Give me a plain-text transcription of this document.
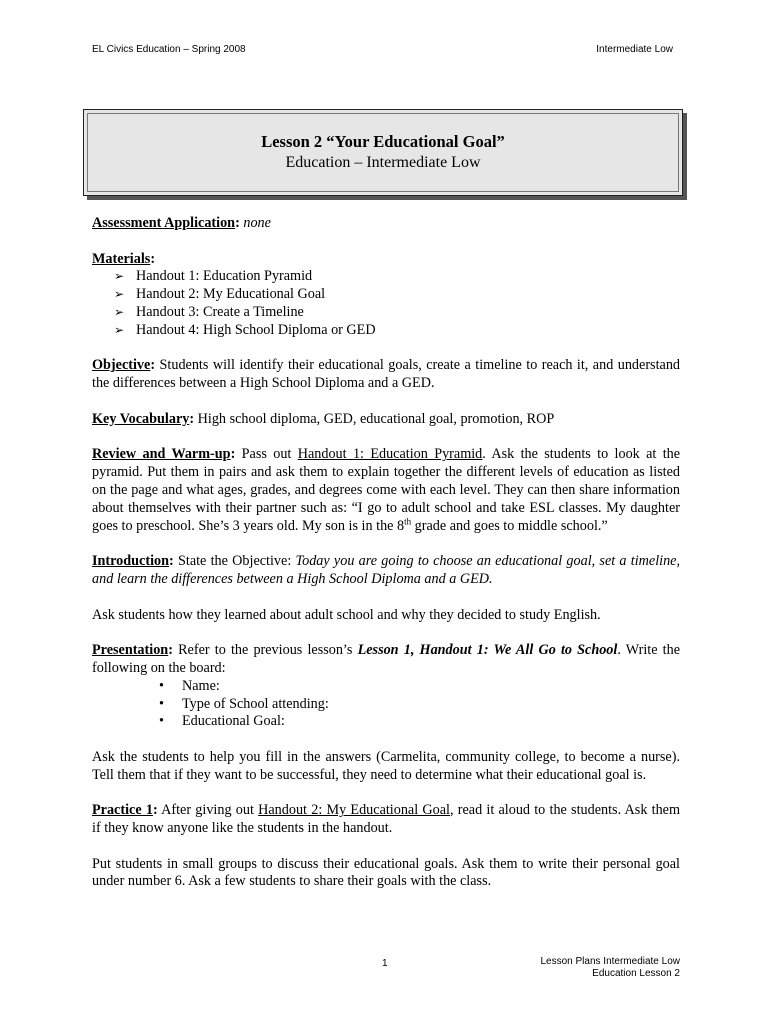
EL Civics Education – Spring 2008	Intermediate Low
Lesson 2 “Your Educational Goal”
Education – Intermediate Low

Assessment Application: none

Materials:
➢ Handout 1: Education Pyramid
➢ Handout 2: My Educational Goal
➢ Handout 3: Create a Timeline
➢ Handout 4: High School Diploma or GED

Objective: Students will identify their educational goals, create a timeline to reach it, and understand the differences between a High School Diploma and a GED.

Key Vocabulary: High school diploma, GED, educational goal, promotion, ROP

Review and Warm-up: Pass out Handout 1: Education Pyramid. Ask the students to look at the pyramid. Put them in pairs and ask them to explain together the different levels of education as listed on the page and what ages, grades, and degrees come with each level. They can then share information about themselves with their partner such as: “I go to adult school and take ESL classes. My daughter goes to preschool. She’s 3 years old. My son is in the 8th grade and goes to middle school.”

Introduction: State the Objective: Today you are going to choose an educational goal, set a timeline, and learn the differences between a High School Diploma and a GED.

Ask students how they learned about adult school and why they decided to study English.

Presentation: Refer to the previous lesson’s Lesson 1, Handout 1: We All Go to School. Write the following on the board:

• Name:
• Type of School attending:
• Educational Goal:

Ask the students to help you fill in the answers (Carmelita, community college, to become a nurse). Tell them that if they want to be successful, they need to determine what their educational goal is.

Practice 1: After giving out Handout 2: My Educational Goal, read it aloud to the students. Ask them if they know anyone like the students in the handout.

Put students in small groups to discuss their educational goals. Ask them to write their personal goal under number 6. Ask a few students to share their goals with the class.

1	Lesson Plans Intermediate Low
Education Lesson 2
